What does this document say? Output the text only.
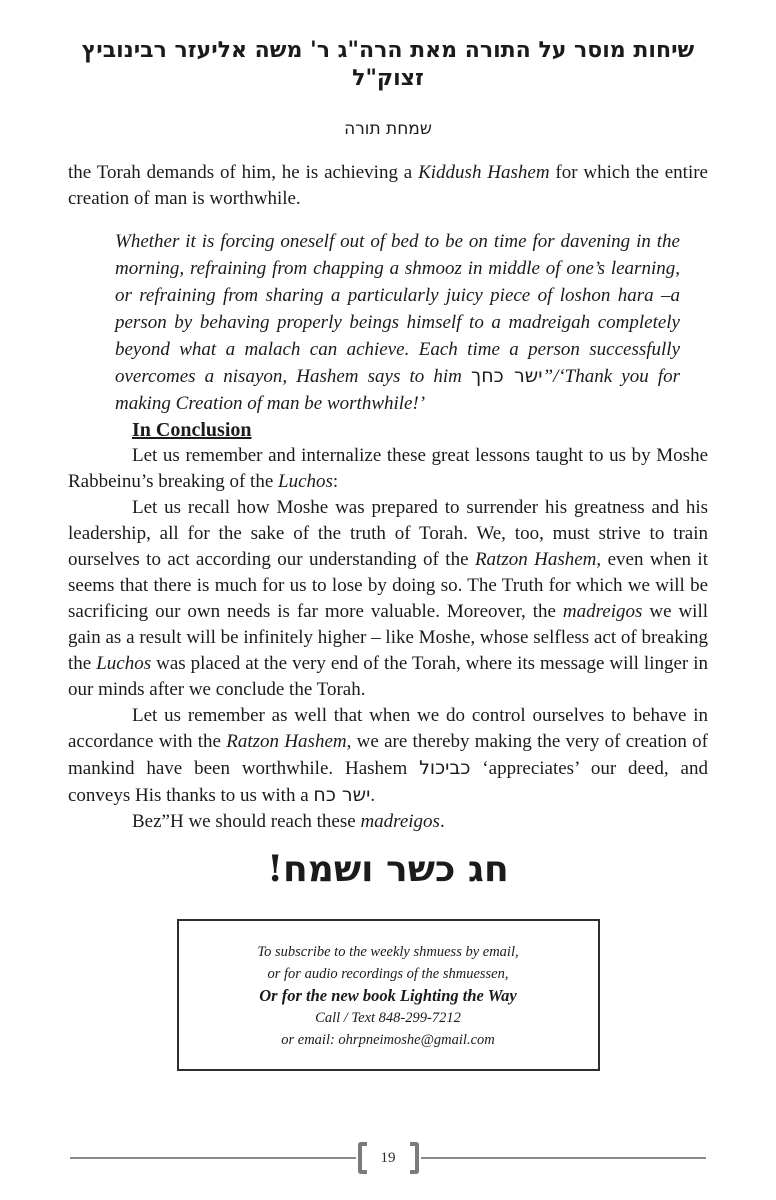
שיחות מוסר על התורה מאת הרה"ג ר' משה אליעזר רבינוביץ זצוק"ל
שמחת תורה

the Torah demands of him, he is achieving a Kiddush Hashem for which the entire creation of man is worthwhile.

Whether it is forcing oneself out of bed to be on time for davening in the morning, refraining from chapping a shmooz in middle of one’s learning, or refraining from sharing a particularly juicy piece of loshon hara –a person by behaving properly beings himself to a madreigah completely beyond what a malach can achieve. Each time a person successfully overcomes a nisayon, Hashem says to him ישר כחך”/‘Thank you for making Creation of man be worthwhile!’

In Conclusion

Let us remember and internalize these great lessons taught to us by Moshe Rabbeinu’s breaking of the Luchos:

Let us recall how Moshe was prepared to surrender his greatness and his leadership, all for the sake of the truth of Torah. We, too, must strive to train ourselves to act according our understanding of the Ratzon Hashem, even when it seems that there is much for us to lose by doing so. The Truth for which we will be sacrificing our own needs is far more valuable. Moreover, the madreigos we will gain as a result will be infinitely higher – like Moshe, whose selfless act of breaking the Luchos was placed at the very end of the Torah, where its message will linger in our minds after we conclude the Torah.

Let us remember as well that when we do control ourselves to behave in accordance with the Ratzon Hashem, we are thereby making the very of creation of mankind have been worthwhile. Hashem כביכול ‘appreciates’ our deed, and conveys His thanks to us with a ישר כח.

Bez”H we should reach these madreigos.

חג כשר ושמח!
To subscribe to the weekly shmuess by email,
or for audio recordings of the shmuessen,
Or for the new book Lighting the Way
Call / Text 848-299-7212
or email: ohrpneimoshe@gmail.com
19
